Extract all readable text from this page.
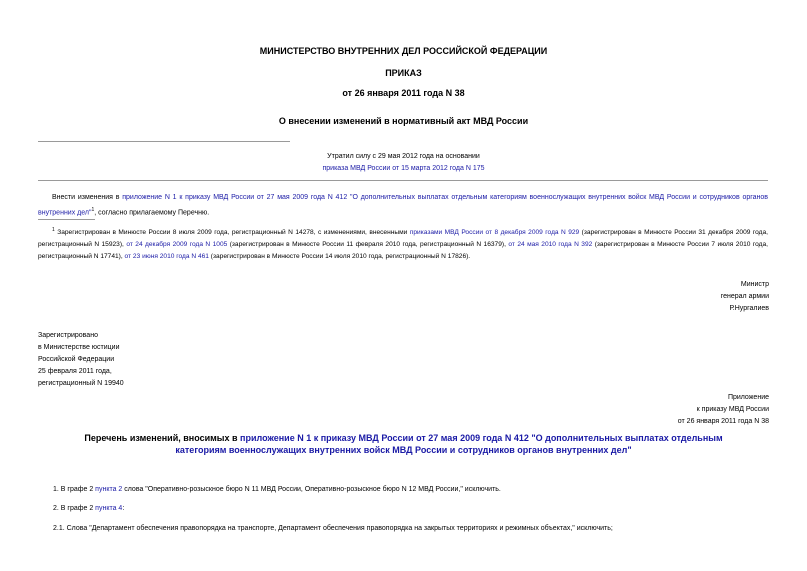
МИНИСТЕРСТВО ВНУТРЕННИХ ДЕЛ РОССИЙСКОЙ ФЕДЕРАЦИИ
ПРИКАЗ
от 26 января 2011 года N 38
О внесении изменений в нормативный акт МВД России
Утратил силу с 29 мая 2012 года на основании
приказа МВД России от 15 марта 2012 года N 175
Внести изменения в приложение N 1 к приказу МВД России от 27 мая 2009 года N 412 "О дополнительных выплатах отдельным категориям военнослужащих внутренних войск МВД России и сотрудников органов внутренних дел"$^1$, согласно прилагаемому Перечню.
$^1$ Зарегистрирован в Минюсте России 8 июля 2009 года, регистрационный N 14278, с изменениями, внесенными приказами МВД России от 8 декабря 2009 года N 929 (зарегистрирован в Минюсте России 31 декабря 2009 года, регистрационный N 15923), от 24 декабря 2009 года N 1005 (зарегистрирован в Минюсте России 11 февраля 2010 года, регистрационный N 16379), от 24 мая 2010 года N 392 (зарегистрирован в Минюсте России 7 июля 2010 года, регистрационный N 17741), от 23 июня 2010 года N 461 (зарегистрирован в Минюсте России 14 июля 2010 года, регистрационный N 17826).
Министр
генерал армии
Р.Нургалиев
Зарегистрировано
в Министерстве юстиции
Российской Федерации
25 февраля 2011 года,
регистрационный N 19940
Приложение
к приказу МВД России
от 26 января 2011 года N 38
Перечень изменений, вносимых в приложение N 1 к приказу МВД России от 27 мая 2009 года N 412 "О дополнительных выплатах отдельным категориям военнослужащих внутренних войск МВД России и сотрудников органов внутренних дел"
1. В графе 2 пункта 2 слова "Оперативно-розыскное бюро N 11 МВД России, Оперативно-розыскное бюро N 12 МВД России," исключить.
2. В графе 2 пункта 4:
2.1. Слова "Департамент обеспечения правопорядка на транспорте, Департамент обеспечения правопорядка на закрытых территориях и режимных объектах," исключить;
